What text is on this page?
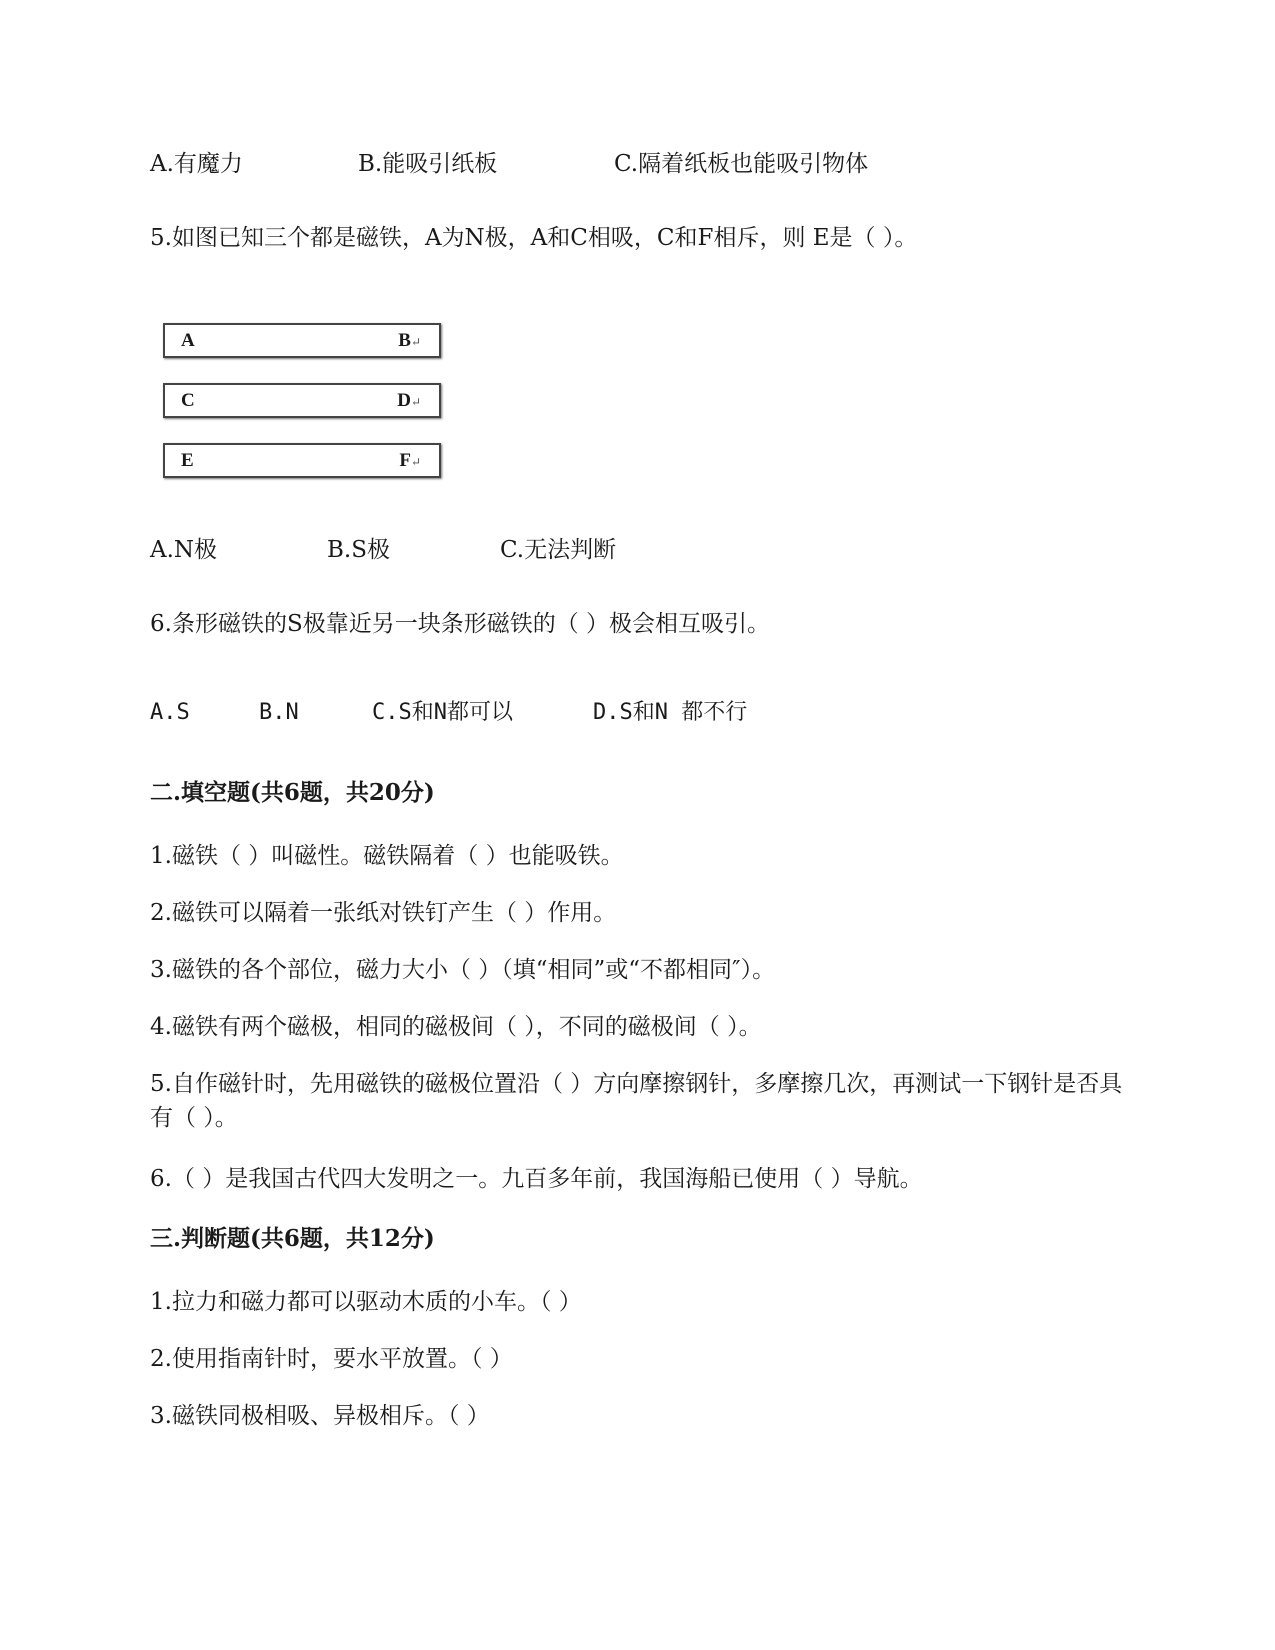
A.有魔力	B.能吸引纸板	C.隔着纸板也能吸引物体
5.如图已知三个都是磁铁，A为N极，A和C相吸，C和F相斥，则 E是（ ）。
A	B↵
C	D↵
E	F↵
A.N极	B.S极	C.无法判断
6.条形磁铁的S极靠近另一块条形磁铁的（ ）极会相互吸引。
A.S	B.N	C.S和N都可以	D.S和N 都不行
二.填空题(共6题，共20分)
1.磁铁（ ）叫磁性。磁铁隔着（ ）也能吸铁。
2.磁铁可以隔着一张纸对铁钉产生（ ）作用。
3.磁铁的各个部位，磁力大小（ ）（填“相同”或“不都相同″）。
4.磁铁有两个磁极，相同的磁极间（ ），不同的磁极间（ ）。
5.自作磁针时，先用磁铁的磁极位置沿（ ）方向摩擦钢针，多摩擦几次，再测试一下钢针是否具有（ ）。
6.（ ）是我国古代四大发明之一。九百多年前，我国海船已使用（ ）导航。
三.判断题(共6题，共12分)
1.拉力和磁力都可以驱动木质的小车。（ ）
2.使用指南针时，要水平放置。（ ）
3.磁铁同极相吸、异极相斥。（ ）
